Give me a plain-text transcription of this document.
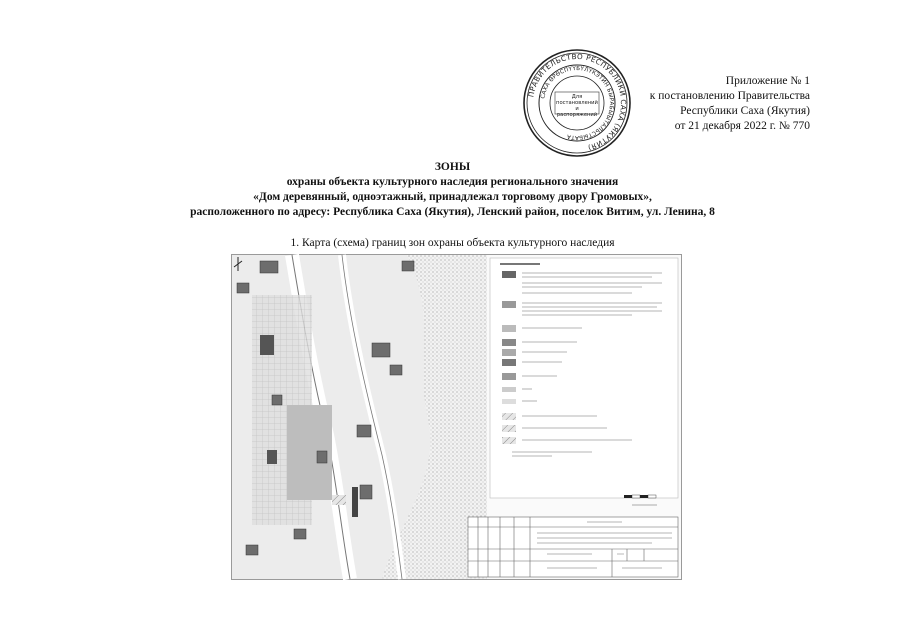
ПРАВИТЕЛЬСТВО РЕСПУБЛИКИ САХА (ЯКУТИЯ)
САХА ӨРӨСПҮҮБҮЛҮКЭТИН БЫРАБЫЫТАЛЬСТЫБАТА
Для постановлений и распоряжений
Приложение № 1
к постановлению Правительства
Республики Саха (Якутия)
от 21 декабря 2022 г. № 770
ЗОНЫ
охраны объекта культурного наследия регионального значения
«Дом деревянный, одноэтажный, принадлежал торговому двору Громовых»,
расположенного по адресу: Республика Саха (Якутия), Ленский район, поселок Витим, ул. Ленина, 8
1. Карта (схема) границ зон охраны объекта культурного наследия
